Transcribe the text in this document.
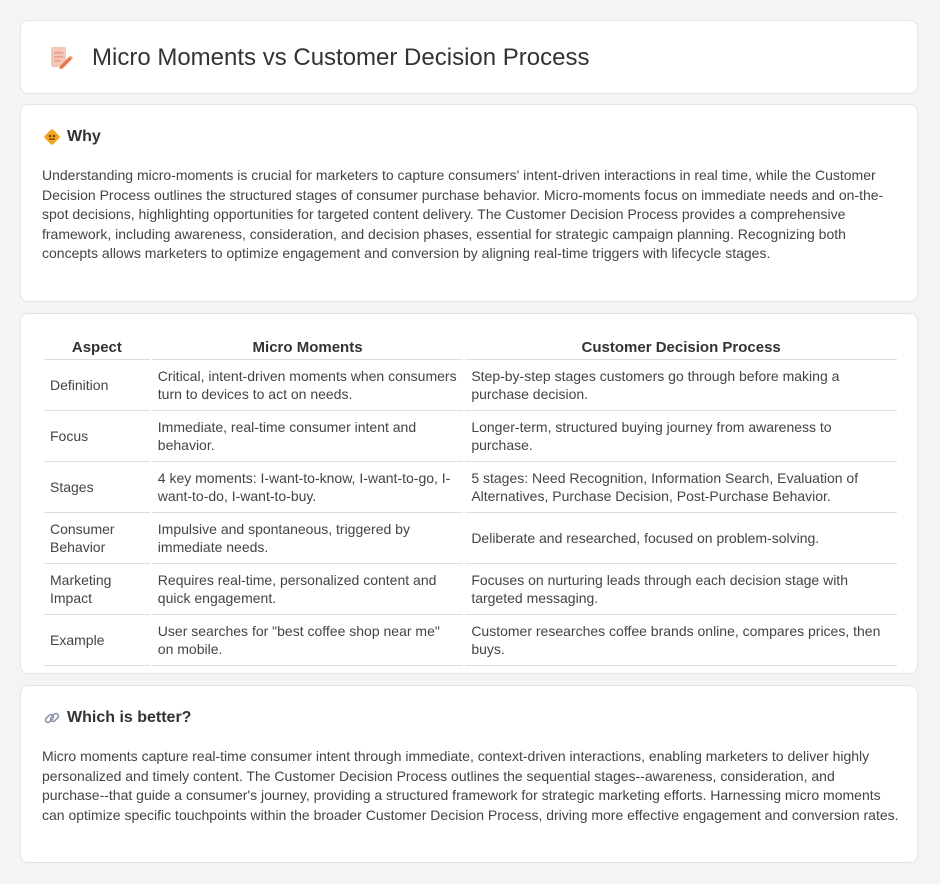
Micro Moments vs Customer Decision Process
Why

Understanding micro-moments is crucial for marketers to capture consumers' intent-driven interactions in real time, while the Customer Decision Process outlines the structured stages of consumer purchase behavior. Micro-moments focus on immediate needs and on-the-spot decisions, highlighting opportunities for targeted content delivery. The Customer Decision Process provides a comprehensive framework, including awareness, consideration, and decision phases, essential for strategic campaign planning. Recognizing both concepts allows marketers to optimize engagement and conversion by aligning real-time triggers with lifecycle stages.

Aspect	Micro Moments	Customer Decision Process
Definition	Critical, intent-driven moments when consumers turn to devices to act on needs.	Step-by-step stages customers go through before making a purchase decision.
Focus	Immediate, real-time consumer intent and behavior.	Longer-term, structured buying journey from awareness to purchase.
Stages	4 key moments: I-want-to-know, I-want-to-go, I-want-to-do, I-want-to-buy.	5 stages: Need Recognition, Information Search, Evaluation of Alternatives, Purchase Decision, Post-Purchase Behavior.
Consumer Behavior	Impulsive and spontaneous, triggered by immediate needs.	Deliberate and researched, focused on problem-solving.
Marketing Impact	Requires real-time, personalized content and quick engagement.	Focuses on nurturing leads through each decision stage with targeted messaging.
Example	User searches for "best coffee shop near me" on mobile.	Customer researches coffee brands online, compares prices, then buys.
Which is better?

Micro moments capture real-time consumer intent through immediate, context-driven interactions, enabling marketers to deliver highly personalized and timely content. The Customer Decision Process outlines the sequential stages--awareness, consideration, and purchase--that guide a consumer's journey, providing a structured framework for strategic marketing efforts. Harnessing micro moments can optimize specific touchpoints within the broader Customer Decision Process, driving more effective engagement and conversion rates.
